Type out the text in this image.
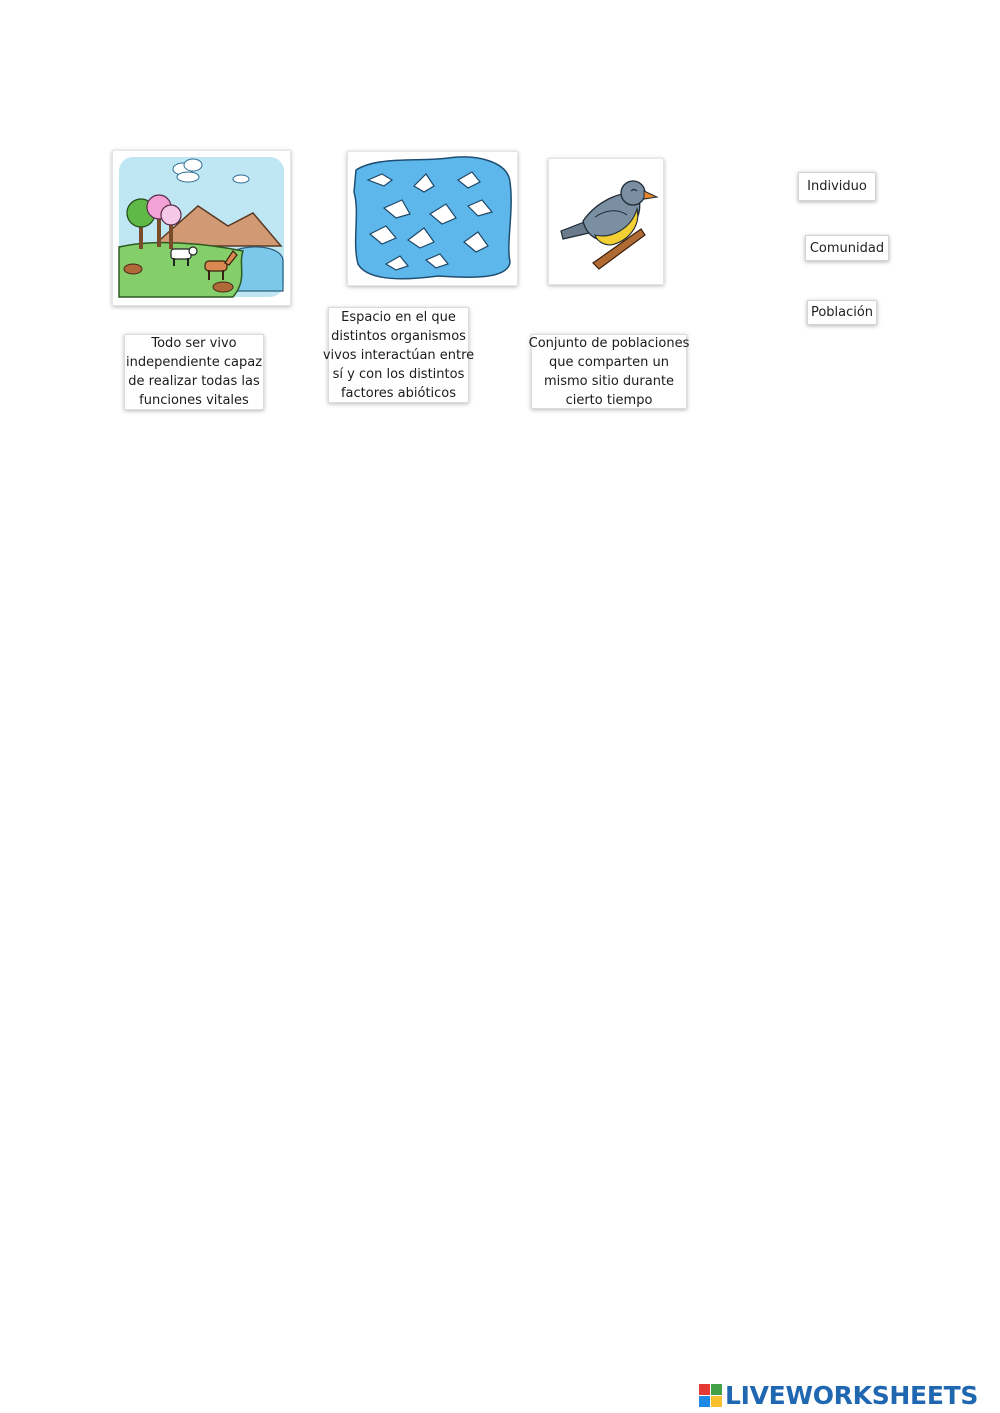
Todo ser vivo
independiente capaz
de realizar todas las
funciones vitales
Espacio en el que
distintos organismos
vivos interactúan entre
sí y con los distintos
factores abióticos
Conjunto de poblaciones
que comparten un
mismo sitio durante
cierto tiempo
Individuo
Comunidad
Población
LIVEWORKSHEETS
